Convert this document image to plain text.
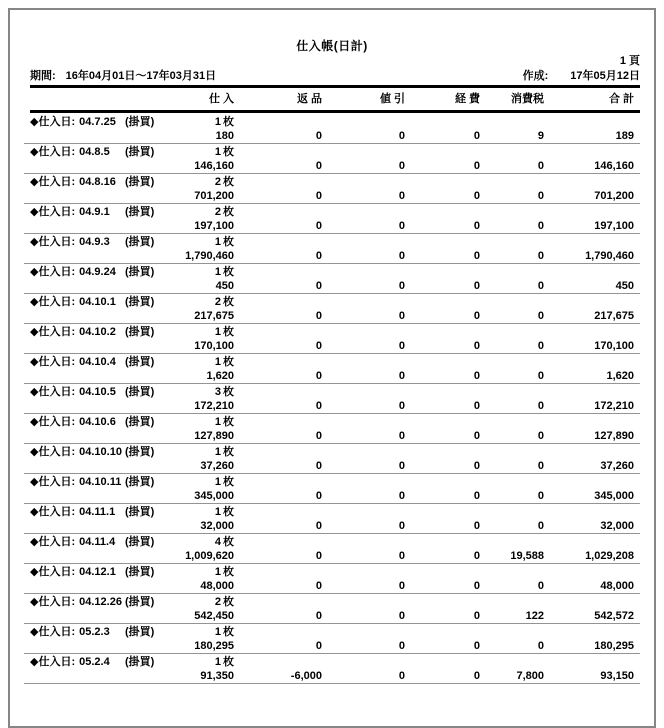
仕入帳(日計)
1 頁
期間: 16年04月01日～17年03月31日	作成: 17年05月12日
仕 入	返 品	値 引	経 費	消費税	合 計
◆仕入日: 04.7.25 (掛買)	1 枚
180	0	0	0	9	189
◆仕入日: 04.8.5	(掛買)	1 枚
146,160	0	0	0	0	146,160
◆仕入日: 04.8.16 (掛買)	2 枚
701,200	0	0	0	0	701,200
◆仕入日: 04.9.1	(掛買)	2 枚
197,100	0	0	0	0	197,100
◆仕入日: 04.9.3	(掛買)	1 枚
1,790,460	0	0	0	0	1,790,460
◆仕入日: 04.9.24 (掛買)	1 枚
450	0	0	0	0	450
◆仕入日: 04.10.1 (掛買)	2 枚
217,675	0	0	0	0	217,675
◆仕入日: 04.10.2 (掛買)	1 枚
170,100	0	0	0	0	170,100
◆仕入日: 04.10.4 (掛買)	1 枚
1,620	0	0	0	0	1,620
◆仕入日: 04.10.5 (掛買)	3 枚
172,210	0	0	0	0	172,210
◆仕入日: 04.10.6 (掛買)	1 枚
127,890	0	0	0	0	127,890
◆仕入日: 04.10.10 (掛買)	1 枚
37,260	0	0	0	0	37,260
◆仕入日: 04.10.11 (掛買)	1 枚
345,000	0	0	0	0	345,000
◆仕入日: 04.11.1 (掛買)	1 枚
32,000	0	0	0	0	32,000
◆仕入日: 04.11.4 (掛買)	4 枚
1,009,620	0	0	0	19,588	1,029,208
◆仕入日: 04.12.1 (掛買)	1 枚
48,000	0	0	0	0	48,000
◆仕入日: 04.12.26 (掛買)	2 枚
542,450	0	0	0	122	542,572
◆仕入日: 05.2.3	(掛買)	1 枚
180,295	0	0	0	0	180,295
◆仕入日: 05.2.4	(掛買)	1 枚
91,350	-6,000	0	0	7,800	93,150
